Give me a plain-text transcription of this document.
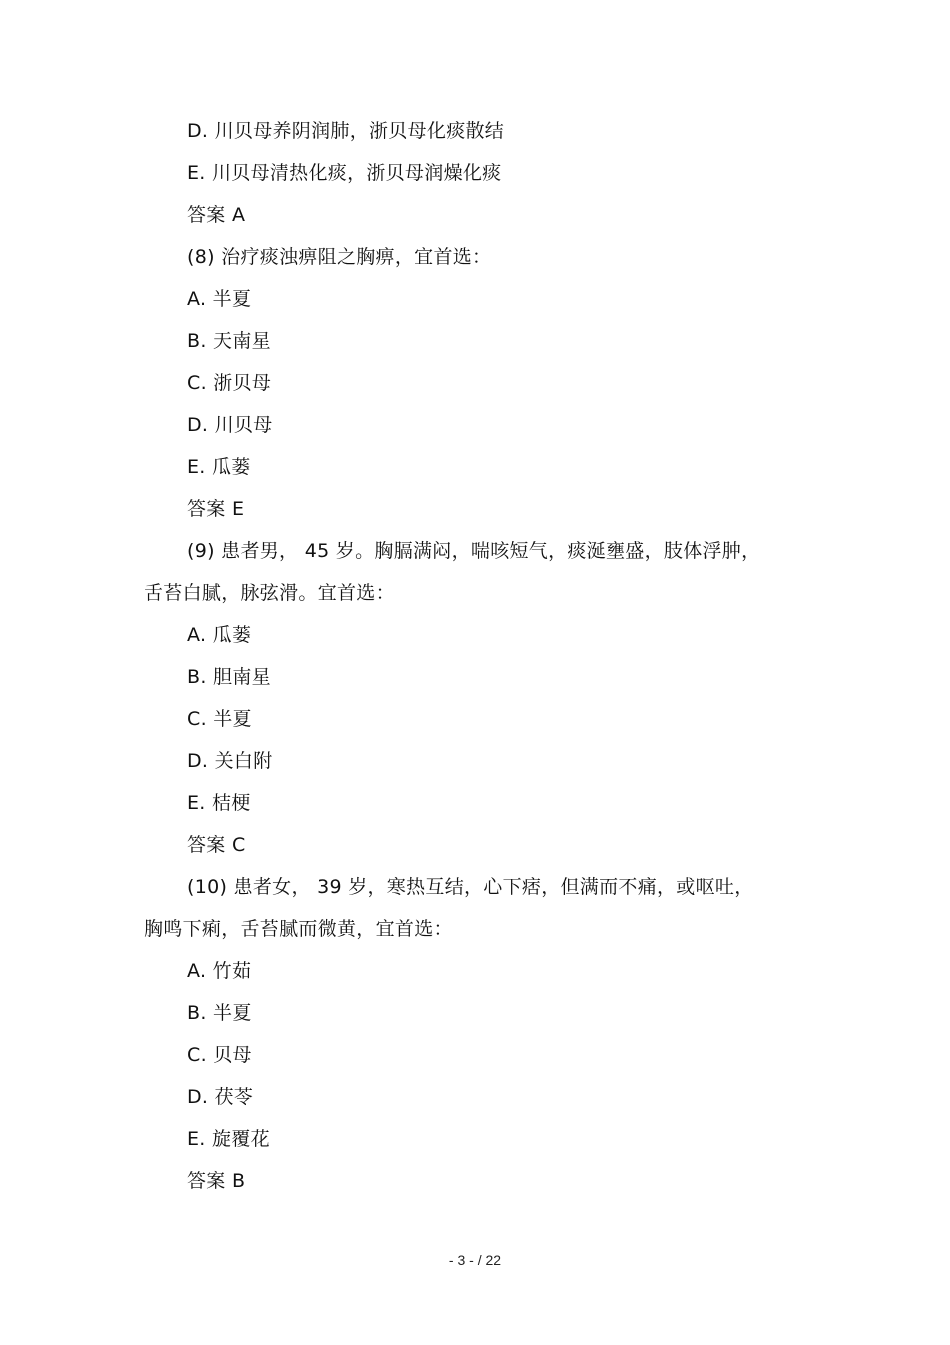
D. 川贝母养阴润肺，浙贝母化痰散结
E. 川贝母清热化痰，浙贝母润燥化痰
答案 A
(8) 治疗痰浊痹阻之胸痹，宜首选：
A. 半夏
B. 天南星
C. 浙贝母
D. 川贝母
E. 瓜蒌
答案 E
(9) 患者男， 45 岁。胸膈满闷，喘咳短气，痰涎壅盛，肢体浮肿，
舌苔白腻，脉弦滑。宜首选：
A. 瓜蒌
B. 胆南星
C. 半夏
D. 关白附
E. 桔梗
答案 C
(10) 患者女， 39 岁，寒热互结，心下痞，但满而不痛，或呕吐，
胸鸣下痢，舌苔腻而微黄，宜首选：
A. 竹茹
B. 半夏
C. 贝母
D. 茯苓
E. 旋覆花
答案 B
- 3 - / 22
